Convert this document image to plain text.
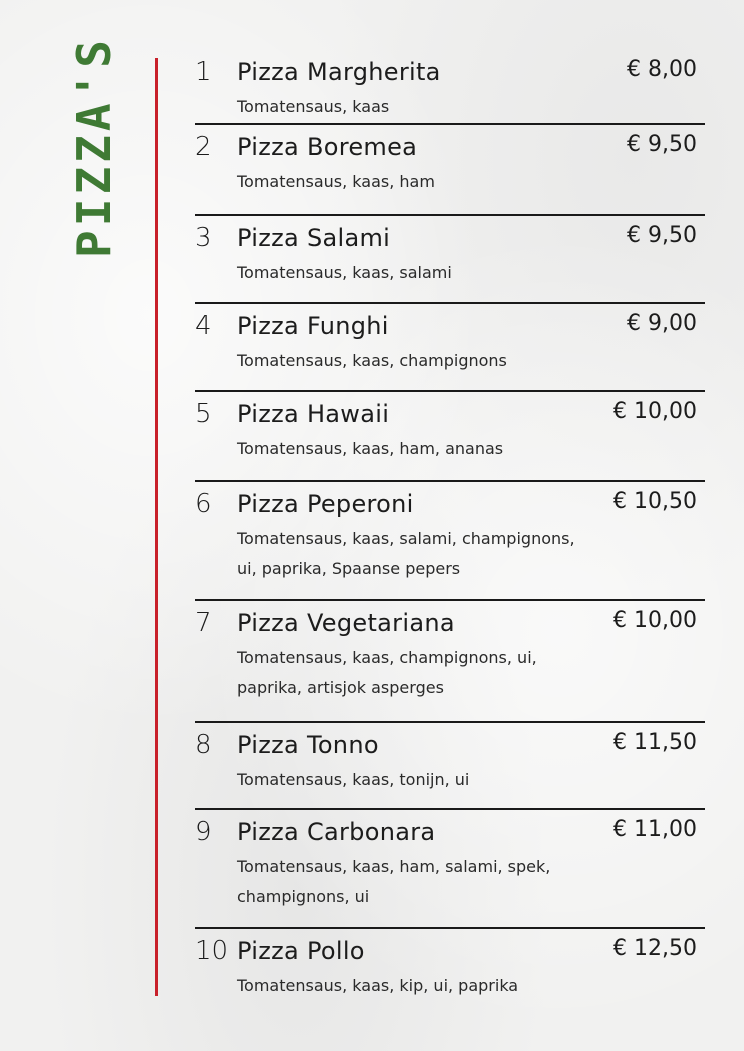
PIZZA'S	1 Pizza Margherita
Tomatensaus, kaas
€ 8,00
2 Pizza Boremea
Tomatensaus, kaas, ham
€ 9,50
3 Pizza Salami
Tomatensaus, kaas, salami
€ 9,50
4 Pizza Funghi
Tomatensaus, kaas, champignons
€ 9,00
5 Pizza Hawaii
Tomatensaus, kaas, ham, ananas
€ 10,00
6 Pizza Peperoni
Tomatensaus, kaas, salami, champignons, ui, paprika, Spaanse pepers
€ 10,50
7 Pizza Vegetariana
Tomatensaus, kaas, champignons, ui, paprika, artisjok asperges
€ 10,00
8 Pizza Tonno
Tomatensaus, kaas, tonijn, ui
€ 11,50
9 Pizza Carbonara
Tomatensaus, kaas, ham, salami, spek, champignons, ui
€ 11,00
10 Pizza Pollo
Tomatensaus, kaas, kip, ui, paprika
€ 12,50
